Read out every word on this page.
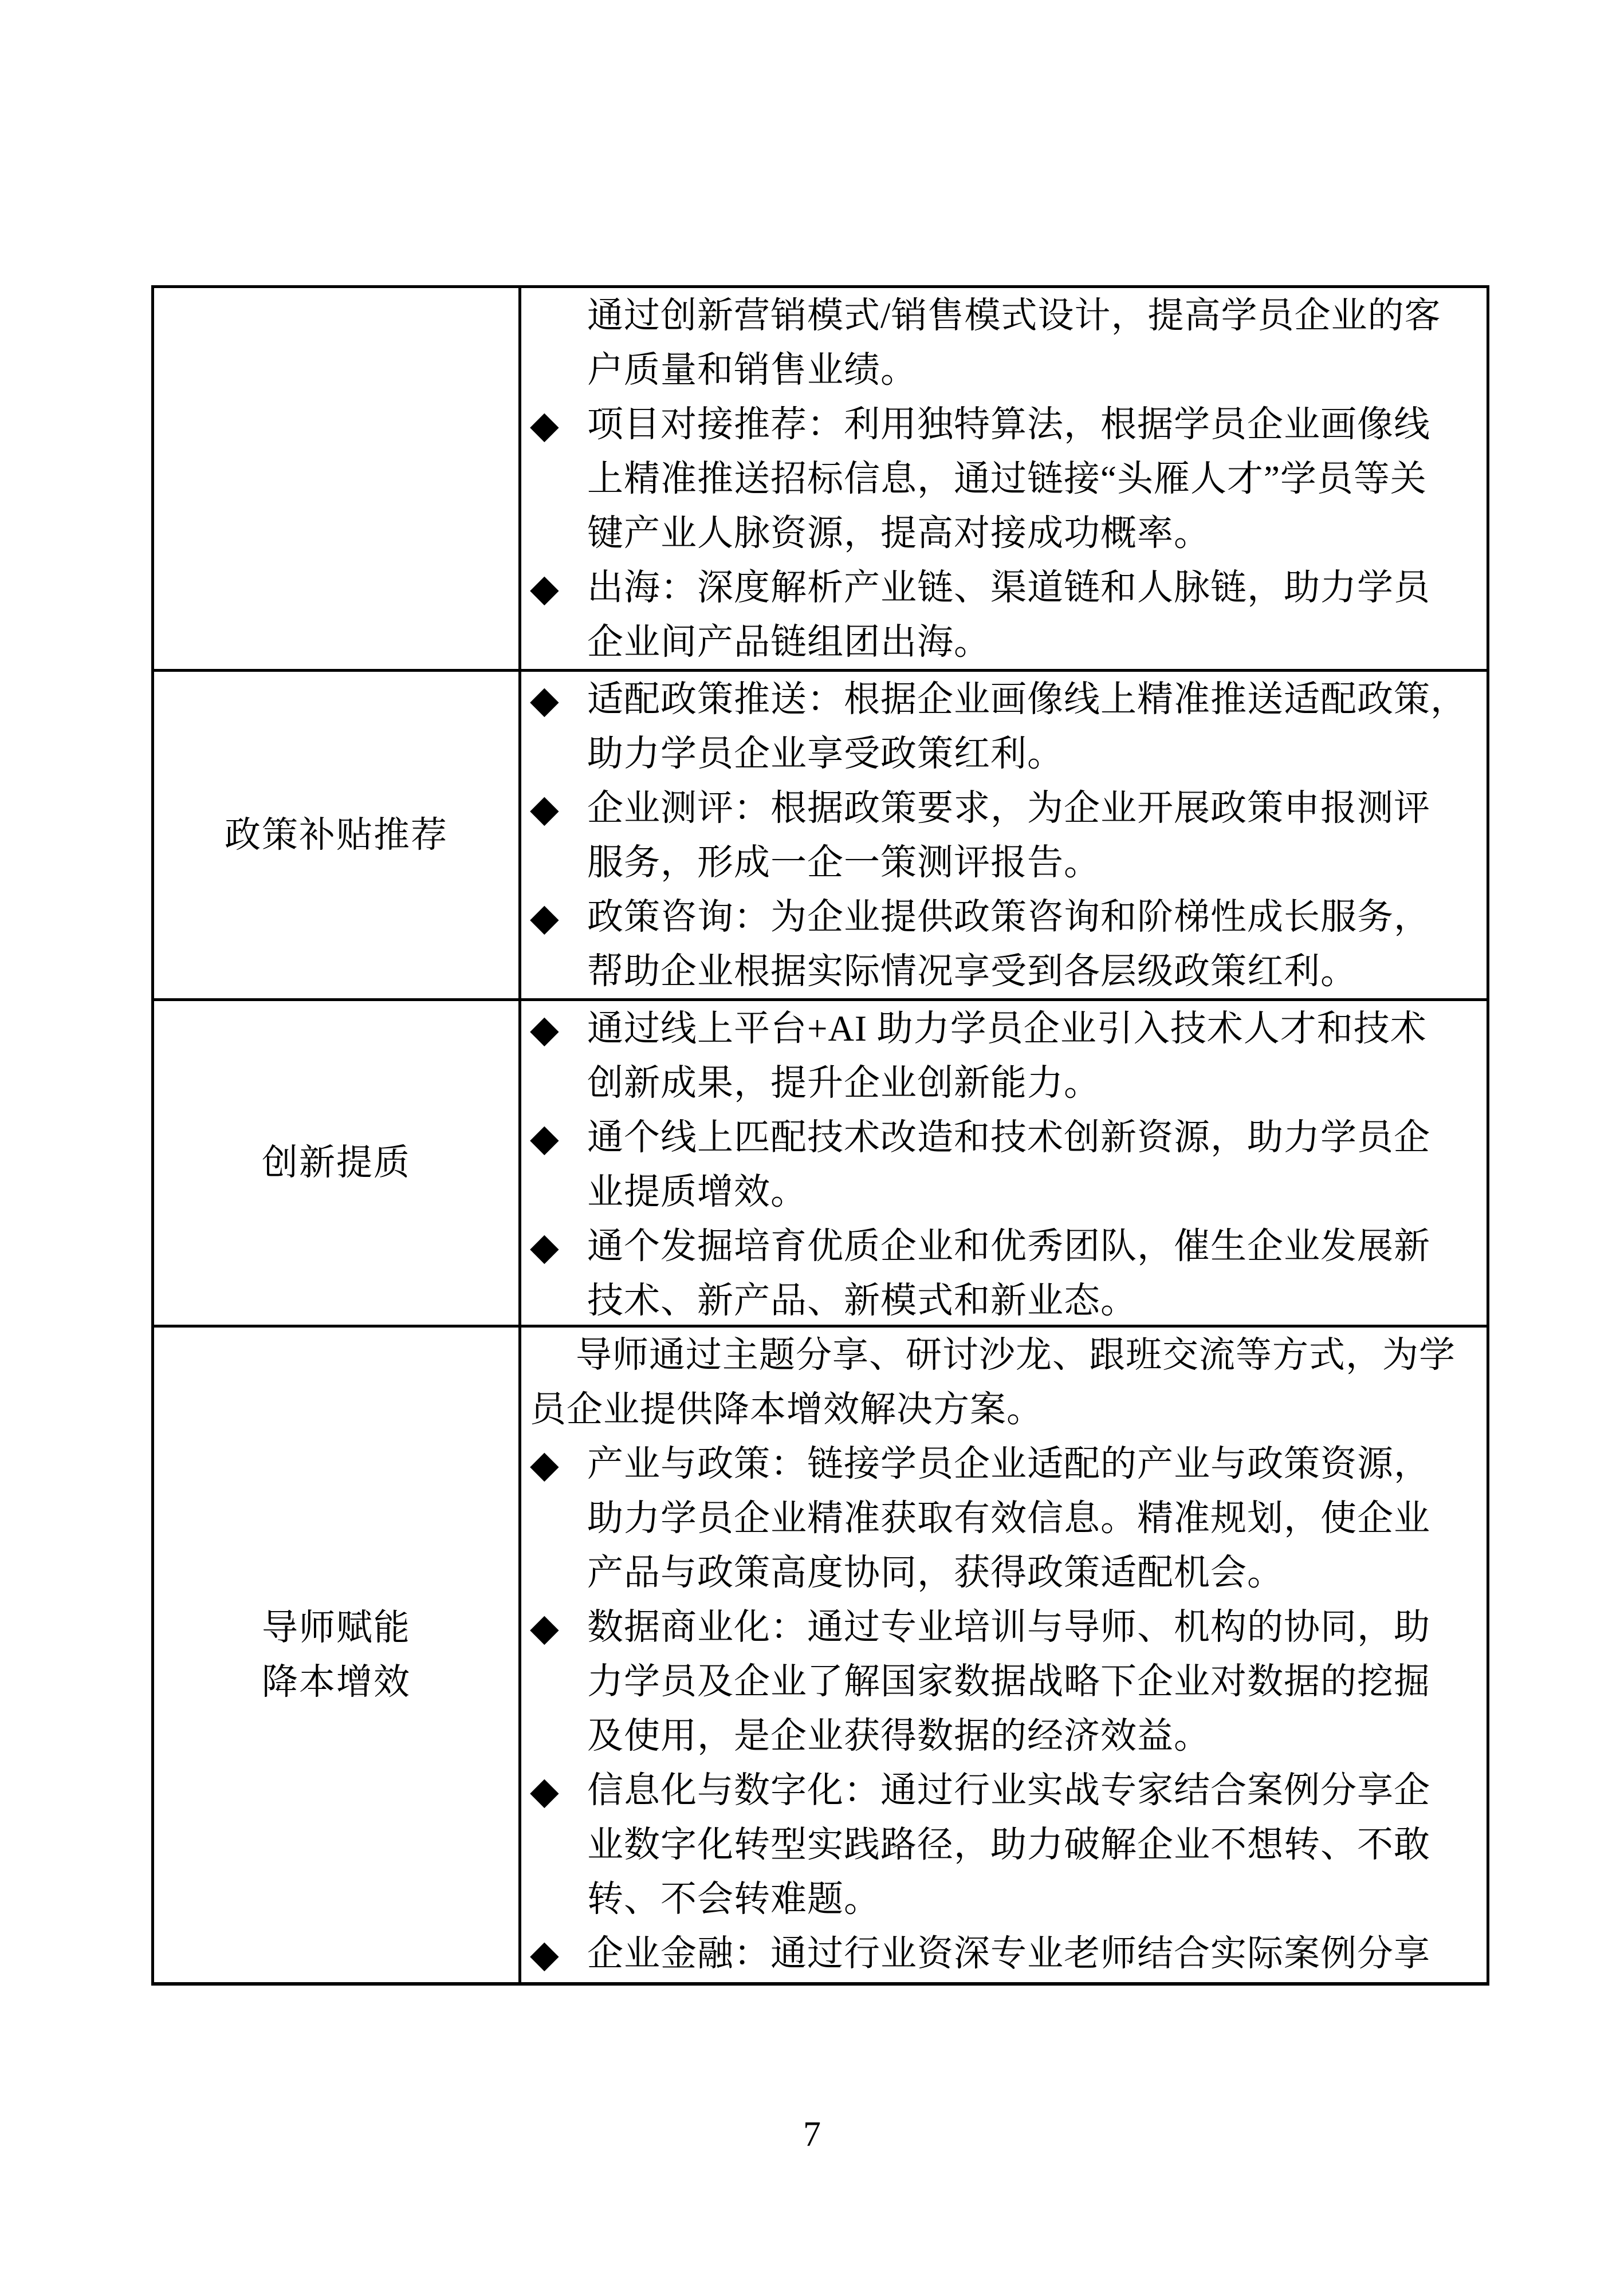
通过创新营销模式/销售模式设计，提高学员企业的客
户质量和销售业绩。
◆ 项目对接推荐：利用独特算法，根据学员企业画像线
上精准推送招标信息，通过链接“头雁人才”学员等关
键产业人脉资源，提高对接成功概率。
◆ 出海：深度解析产业链、渠道链和人脉链，助力学员
企业间产品链组团出海。
政策补贴推荐
◆ 适配政策推送：根据企业画像线上精准推送适配政策，
助力学员企业享受政策红利。
◆ 企业测评：根据政策要求，为企业开展政策申报测评
服务，形成一企一策测评报告。
◆ 政策咨询：为企业提供政策咨询和阶梯性成长服务，
帮助企业根据实际情况享受到各层级政策红利。
创新提质
◆ 通过线上平台+AI 助力学员企业引入技术人才和技术
创新成果，提升企业创新能力。
◆ 通个线上匹配技术改造和技术创新资源，助力学员企
业提质增效。
◆ 通个发掘培育优质企业和优秀团队，催生企业发展新
技术、新产品、新模式和新业态。
导师赋能
降本增效
导师通过主题分享、研讨沙龙、跟班交流等方式，为学
员企业提供降本增效解决方案。
◆ 产业与政策：链接学员企业适配的产业与政策资源，
助力学员企业精准获取有效信息。精准规划，使企业
产品与政策高度协同，获得政策适配机会。
◆ 数据商业化：通过专业培训与导师、机构的协同，助
力学员及企业了解国家数据战略下企业对数据的挖掘
及使用，是企业获得数据的经济效益。
◆ 信息化与数字化：通过行业实战专家结合案例分享企
业数字化转型实践路径，助力破解企业不想转、不敢
转、不会转难题。
◆ 企业金融：通过行业资深专业老师结合实际案例分享
7
